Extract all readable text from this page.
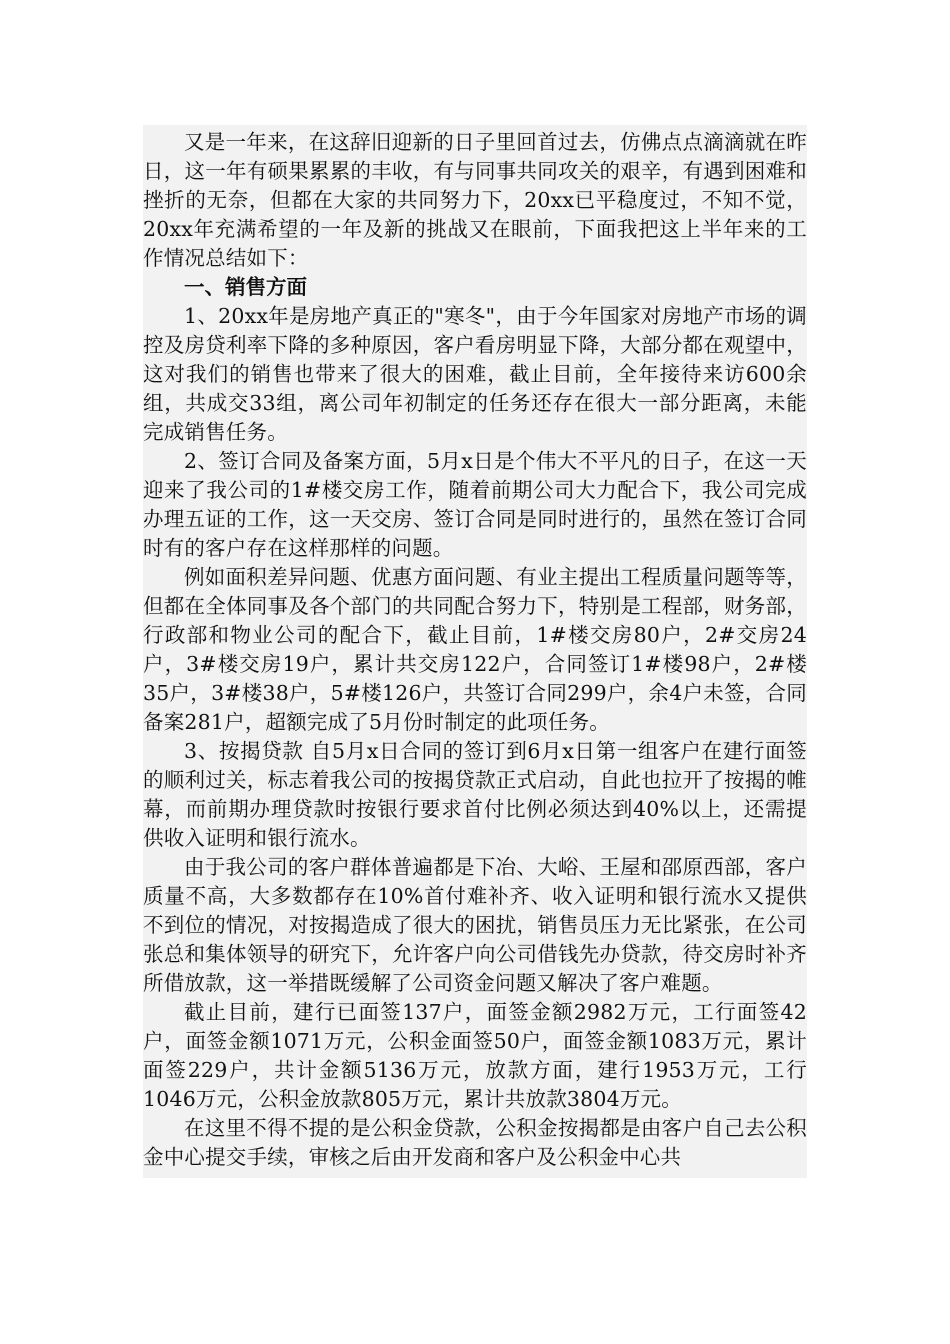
又是一年来，在这辞旧迎新的日子里回首过去，仿佛点点滴滴就在昨日，这一年有硕果累累的丰收，有与同事共同攻关的艰辛，有遇到困难和挫折的无奈，但都在大家的共同努力下，20xx已平稳度过，不知不觉，20xx年充满希望的一年及新的挑战又在眼前，下面我把这上半年来的工作情况总结如下：

一、销售方面

1、20xx年是房地产真正的"寒冬"，由于今年国家对房地产市场的调控及房贷利率下降的多种原因，客户看房明显下降，大部分都在观望中，这对我们的销售也带来了很大的困难，截止目前，全年接待来访600余组，共成交33组，离公司年初制定的任务还存在很大一部分距离，未能完成销售任务。

2、签订合同及备案方面，5月x日是个伟大不平凡的日子，在这一天迎来了我公司的1#楼交房工作，随着前期公司大力配合下，我公司完成办理五证的工作，这一天交房、签订合同是同时进行的，虽然在签订合同时有的客户存在这样那样的问题。

例如面积差异问题、优惠方面问题、有业主提出工程质量问题等等，但都在全体同事及各个部门的共同配合努力下，特别是工程部，财务部，行政部和物业公司的配合下，截止目前，1#楼交房80户，2#交房24户，3#楼交房19户，累计共交房122户，合同签订1#楼98户，2#楼35户，3#楼38户，5#楼126户，共签订合同299户，余4户未签，合同备案281户，超额完成了5月份时制定的此项任务。

3、按揭贷款 自5月x日合同的签订到6月x日第一组客户在建行面签的顺利过关，标志着我公司的按揭贷款正式启动，自此也拉开了按揭的帷幕，而前期办理贷款时按银行要求首付比例必须达到40%以上，还需提供收入证明和银行流水。

由于我公司的客户群体普遍都是下冶、大峪、王屋和邵原西部，客户质量不高，大多数都存在10%首付难补齐、收入证明和银行流水又提供不到位的情况，对按揭造成了很大的困扰，销售员压力无比紧张，在公司张总和集体领导的研究下，允许客户向公司借钱先办贷款，待交房时补齐所借放款，这一举措既缓解了公司资金问题又解决了客户难题。

截止目前，建行已面签137户，面签金额2982万元，工行面签42户，面签金额1071万元，公积金面签50户，面签金额1083万元，累计面签229户，共计金额5136万元，放款方面，建行1953万元，工行1046万元，公积金放款805万元，累计共放款3804万元。

在这里不得不提的是公积金贷款，公积金按揭都是由客户自己去公积金中心提交手续，审核之后由开发商和客户及公积金中心共
